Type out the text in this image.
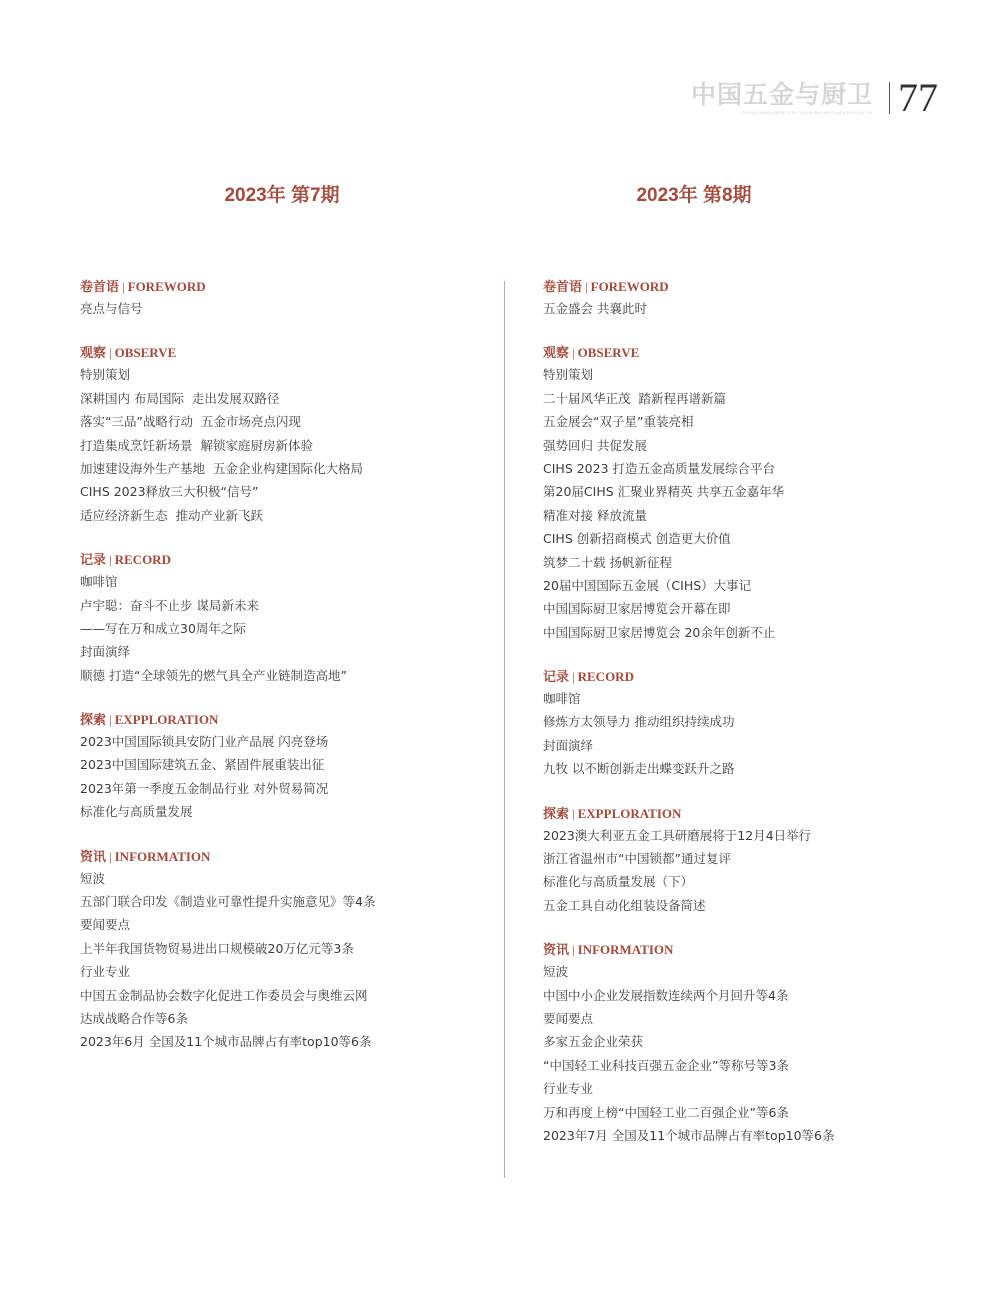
中国五金与厨卫
CHINA HARDWARE & KITCHEN/BATHROOM APPLIANCES 77
2023年 第7期	2023年 第8期
卷首语 | FOREWORD
亮点与信号
观察 | OBSERVE
特别策划
深耕国内 布局国际  走出发展双路径
落实“三品”战略行动  五金市场亮点闪现
打造集成烹饪新场景  解锁家庭厨房新体验
加速建设海外生产基地  五金企业构建国际化大格局
CIHS 2023释放三大积极“信号”
适应经济新生态  推动产业新飞跃
记录 | RECORD
咖啡馆
卢宇聪：奋斗不止步 谋局新未来
——写在万和成立30周年之际
封面演绎
顺德 打造“全球领先的燃气具全产业链制造高地”
探索 | EXPPLORATION
2023中国国际锁具安防门业产品展 闪亮登场
2023中国国际建筑五金、紧固件展重装出征
2023年第一季度五金制品行业 对外贸易简况
标准化与高质量发展
资讯 | INFORMATION
短波
五部门联合印发《制造业可靠性提升实施意见》等4条
要闻要点
上半年我国货物贸易进出口规模破20万亿元等3条
行业专业
中国五金制品协会数字化促进工作委员会与奥维云网
达成战略合作等6条
2023年6月 全国及11个城市品牌占有率top10等6条
卷首语 | FOREWORD
五金盛会 共襄此时
观察 | OBSERVE
特别策划
二十届风华正茂  踏新程再谱新篇
五金展会“双子星”重装亮相
强势回归 共促发展
CIHS 2023 打造五金高质量发展综合平台
第20届CIHS 汇聚业界精英 共享五金嘉年华
精准对接 释放流量
CIHS 创新招商模式 创造更大价值
筑梦二十载 扬帆新征程
20届中国国际五金展（CIHS）大事记
中国国际厨卫家居博览会开幕在即
中国国际厨卫家居博览会 20余年创新不止
记录 | RECORD
咖啡馆
修炼方太领导力 推动组织持续成功
封面演绎
九牧 以不断创新走出蝶变跃升之路
探索 | EXPPLORATION
2023澳大利亚五金工具研磨展将于12月4日举行
浙江省温州市“中国锁都”通过复评
标准化与高质量发展（下）
五金工具自动化组装设备简述
资讯 | INFORMATION
短波
中国中小企业发展指数连续两个月回升等4条
要闻要点
多家五金企业荣获
“中国轻工业科技百强五金企业”等称号等3条
行业专业
万和再度上榜“中国轻工业二百强企业”等6条
2023年7月 全国及11个城市品牌占有率top10等6条
